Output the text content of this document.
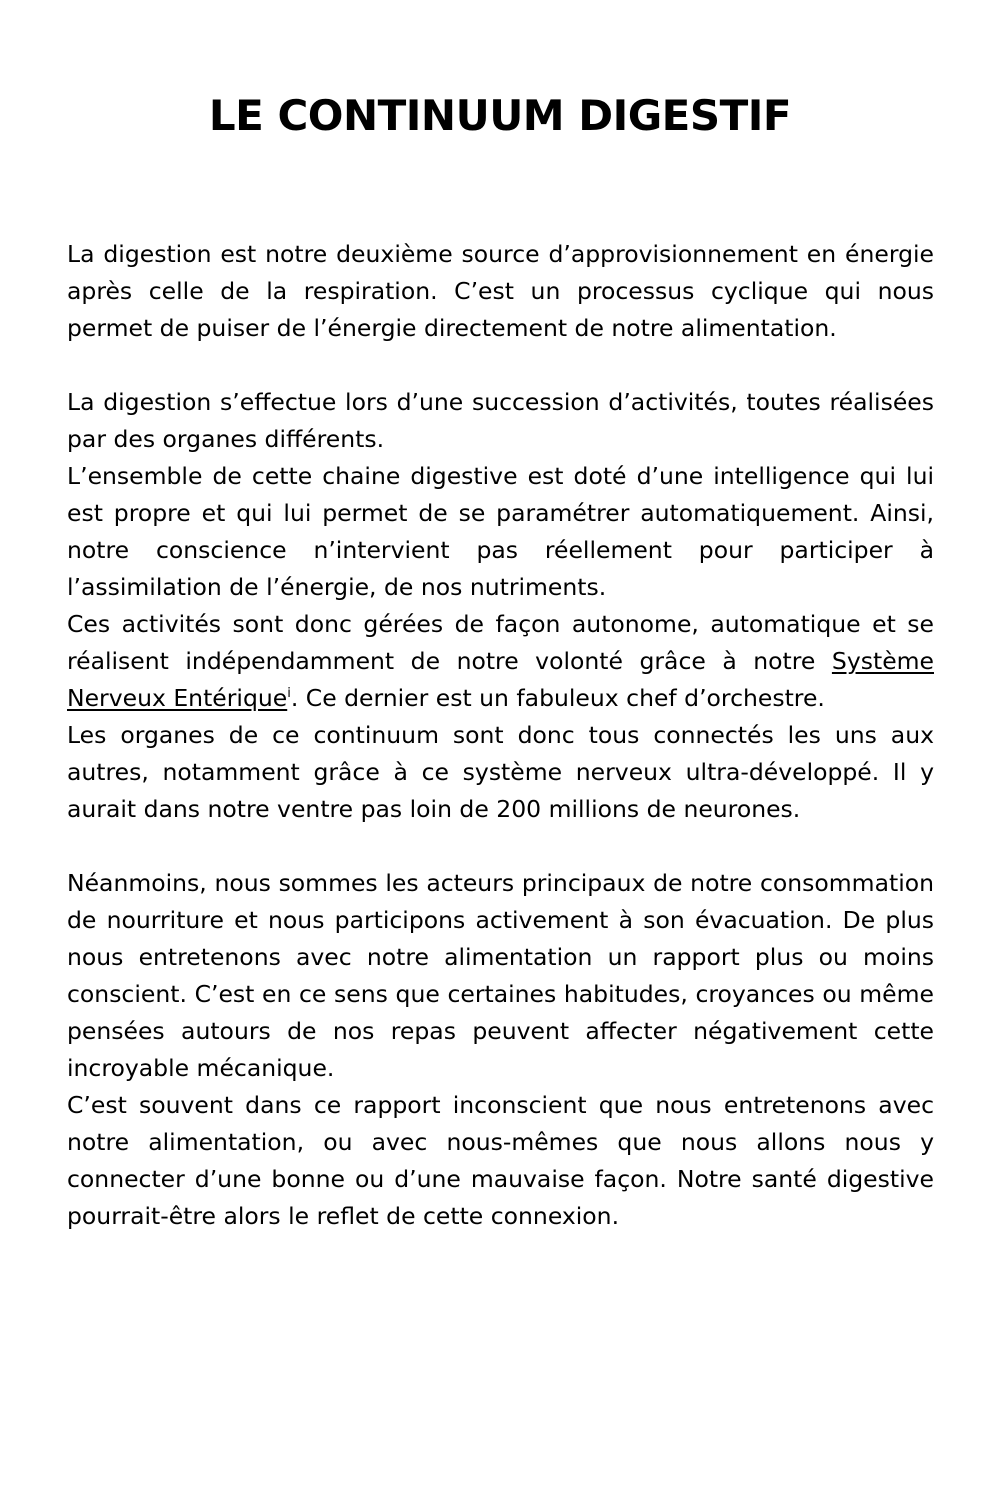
LE CONTINUUM DIGESTIF

La digestion est notre deuxième source d’approvisionnement en énergie après celle de la respiration. C’est un processus cyclique qui nous permet de puiser de l’énergie directement de notre alimentation.

La digestion s’effectue lors d’une succession d’activités, toutes réalisées par des organes différents.

L’ensemble de cette chaine digestive est doté d’une intelligence qui lui est propre et qui lui permet de se paramétrer automatiquement. Ainsi, notre conscience n’intervient pas réellement pour participer à l’assimilation de l’énergie, de nos nutriments.

Ces activités sont donc gérées de façon autonome, automatique et se réalisent indépendamment de notre volonté grâce à notre Système Nerveux Entérique$^i$. Ce dernier est un fabuleux chef d’orchestre.

Les organes de ce continuum sont donc tous connectés les uns aux autres, notamment grâce à ce système nerveux ultra-développé. Il y aurait dans notre ventre pas loin de 200 millions de neurones.

Néanmoins, nous sommes les acteurs principaux de notre consommation de nourriture et nous participons activement à son évacuation. De plus nous entretenons avec notre alimentation un rapport plus ou moins conscient. C’est en ce sens que certaines habitudes, croyances ou même pensées autours de nos repas peuvent affecter négativement cette incroyable mécanique.

C’est souvent dans ce rapport inconscient que nous entretenons avec notre alimentation, ou avec nous-mêmes que nous allons nous y connecter d’une bonne ou d’une mauvaise façon. Notre santé digestive pourrait-être alors le reflet de cette connexion.
